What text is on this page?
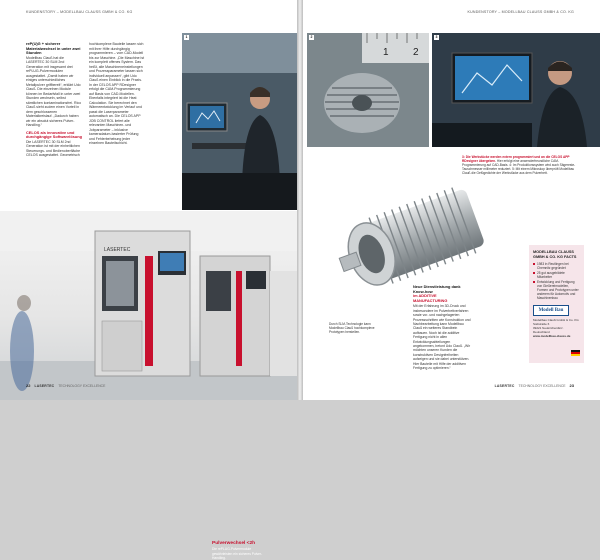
KUNDENSTORY – MODELLBAU CLAUSS GMBH & CO. KG
reP(U)G + sicherer Materialwechsel in unter zwei Stunden

Modellbau Clauß hat die LASERTEC 30 SLM 2nd Generation mit insgesamt drei rePLUG-Pulvermodulen ausgestattet. „Damit haben wir einiges unterschiedliches Metallpulver griffbereit“, erklärt Udo Clauß. Die einzelnen Module können im Bedarfsfall in unter zwei Stunden wechseln, selbst sämtlichen kontaminationsfrei. Rico Clauß sieht zudem einen Vorteil in dem geschlossenen Materialkreislauf. „Dadurch haben wir ein absolut sicheres Pulver-Handling.“

CELOS als innovative und durchgängige Softwarelösung

Die LASERTEC 30 SLM 2nd Generation ist mit der einheitlichen Steuerungs- und Bedienoberfläche CELOS ausgestattet. Geometrisch

hochkomplexe Bauteile lassen sich mit ihrer Hilfe durchgängig programmieren – vom CAD-Modell bis zur Maschine. „Die Maschine ist ein komplett offenes System. Das heißt, alle Maschineneinstellungen und Prozessparameter lassen sich individuell anpassen“, gibt Udo Clauß einen Einblick in die Praxis. In der CELOS APP RDesigner erfolgt die CAM-Programmierung auf Basis von CAD-Modellen. Ebenfalls integriert ist die Heat Calculation. Sie berechnet den Wärmeentwicklung im Verlauf und passt die Laserparameter automatisch an. Die CELOS APP JOB CONTROL liefert alle relevanten Maschinen- und Jobparameter – inklusive kameradatum-basierter Prüfung und Fehlerbehebung jeder einzelnen Bauteilschicht.

1
LASERTEC
Pulverwechsel <2h
Die rePLUG-Pulvermodule gewährleisten ein sicheres Pulver-Handling.
22 LASERTEC TECHNOLOGY EXCELLENCE
KUNDENSTORY – MODELLBAU CLAUSS GMBH & CO. KG
1 2
2	3
3: Die Werkstücke werden extern programmiert und an die CELOS APP RDesigner übergeben. Hier erfolgt eine anwenderfreundliche CAM-Programmierung auf CAD-Basis. 4: Im Produktionssystem wird auch Sägereste-Tauschmesser millimeter reduziert. 5: Mit einem Mikroskop überprüft Modellbau Clauß die Gefügedichte der Werkstücke aus dem Pulverbett.
Durch SLM-Technologie kann Modellbau Clauß hochkomplexe Prototypen herstellen.
Neue Dienstleistung dank Know-how
im ADDITIVE MANUFACTURING

Mit der Erfahrung im 3D-Druck und insbesondere im Pulverbettverfahren sowie vor- und nachgelagerten Prozessschritten wie Konstruktion und Nachbearbeitung kann Modellbau Clauß ein weiteres Standbein aufbauen. Noch ist die additive Fertigung nicht in allen Entwicklungsabteilungen angekommen, betont Udo Clauß. „Wir möchten unseren Kunden die konstruktiven Designfreiheiten aufzeigen und sie dabei unterstützen. Hier Bauteile mit Hilfe der additiven Fertigung zu optimieren.“

MODELLBAU CLAUSS GMBH & CO. KG FACTS
1983 in Reutlingen bei Chemnitz gegründet
25 gut ausgebildete Mitarbeiter
Entwicklung und Fertigung von Gießereimodellen, Formen und Prototypen unter anderem für Automotiv und Maschinenbau
Modell Bau
Modellbau Clauß GmbH & Co. KG
Südstraße 6
09221 Neukirchen/Erz.
Deutschland
www.modellbau-clauss.de
LASERTEC TECHNOLOGY EXCELLENCE 23
